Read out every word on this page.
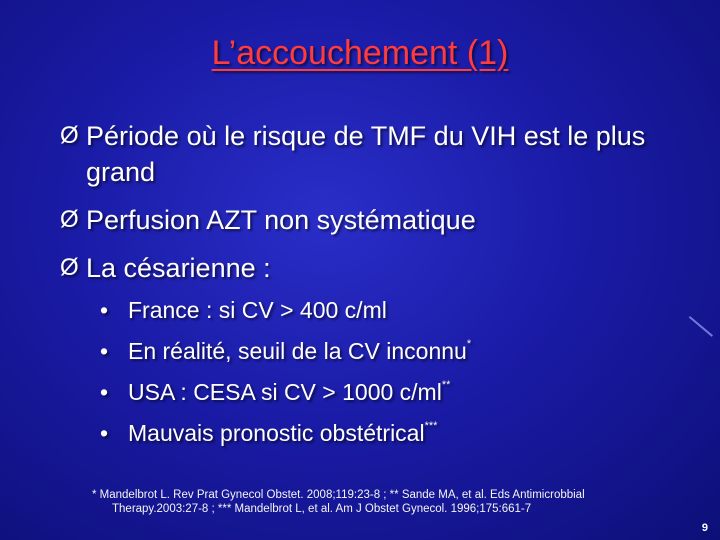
L’accouchement (1)
Ø Période où le risque de TMF du VIH est le plus grand
Ø Perfusion AZT non systématique
Ø La césarienne :
• France : si CV > 400 c/ml
• En réalité, seuil de la CV inconnu*
• USA : CESA si CV > 1000 c/ml**
• Mauvais pronostic obstétrical***
* Mandelbrot L. Rev Prat Gynecol Obstet. 2008;119:23-8 ; ** Sande MA, et al. Eds Antimicrobbial
Therapy.2003:27-8 ; *** Mandelbrot L, et al. Am J Obstet Gynecol. 1996;175:661-7
9
